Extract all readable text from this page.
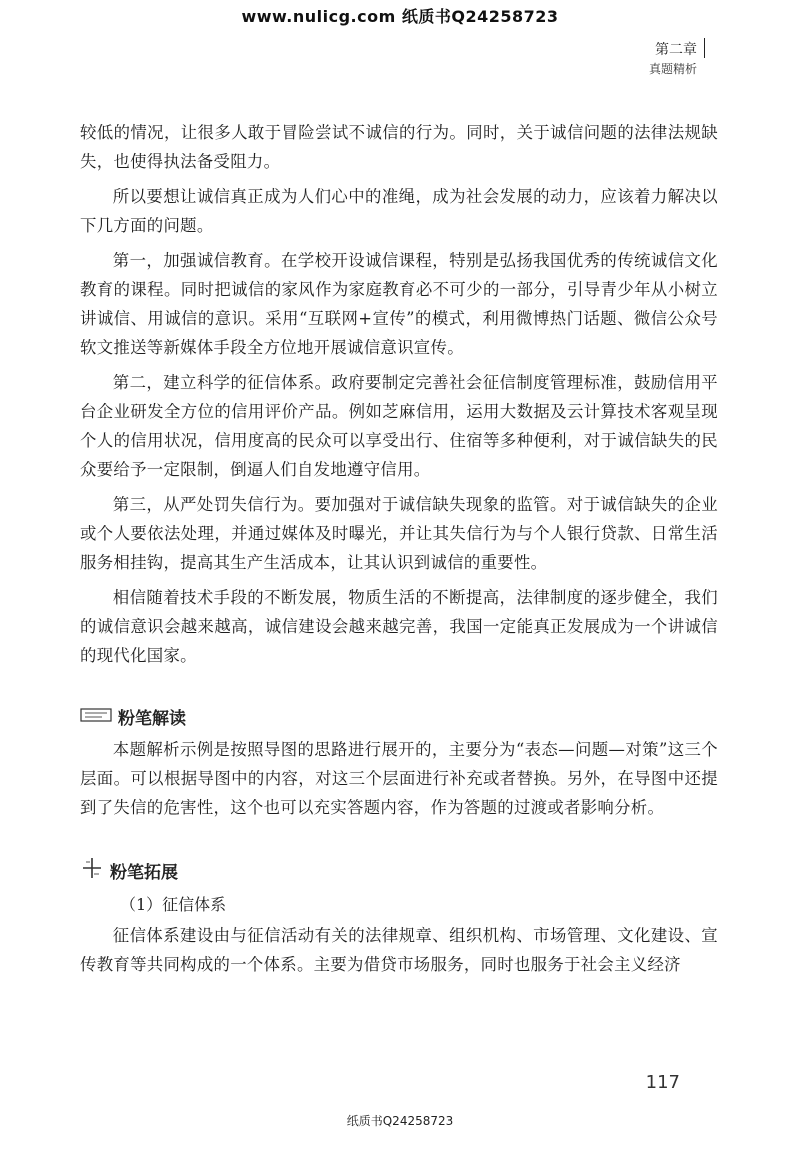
www.nulicg.com 纸质书Q24258723
第二章
真题精析

较低的情况，让很多人敢于冒险尝试不诚信的行为。同时，关于诚信问题的法律法规缺失，也使得执法备受阻力。

所以要想让诚信真正成为人们心中的准绳，成为社会发展的动力，应该着力解决以下几方面的问题。

第一，加强诚信教育。在学校开设诚信课程，特别是弘扬我国优秀的传统诚信文化教育的课程。同时把诚信的家风作为家庭教育必不可少的一部分，引导青少年从小树立讲诚信、用诚信的意识。采用“互联网+宣传”的模式，利用微博热门话题、微信公众号软文推送等新媒体手段全方位地开展诚信意识宣传。

第二，建立科学的征信体系。政府要制定完善社会征信制度管理标准，鼓励信用平台企业研发全方位的信用评价产品。例如芝麻信用，运用大数据及云计算技术客观呈现个人的信用状况，信用度高的民众可以享受出行、住宿等多种便利，对于诚信缺失的民众要给予一定限制，倒逼人们自发地遵守信用。

第三，从严处罚失信行为。要加强对于诚信缺失现象的监管。对于诚信缺失的企业或个人要依法处理，并通过媒体及时曝光，并让其失信行为与个人银行贷款、日常生活服务相挂钩，提高其生产生活成本，让其认识到诚信的重要性。

相信随着技术手段的不断发展，物质生活的不断提高，法律制度的逐步健全，我们的诚信意识会越来越高，诚信建设会越来越完善，我国一定能真正发展成为一个讲诚信的现代化国家。

粉笔解读

本题解析示例是按照导图的思路进行展开的，主要分为“表态—问题—对策”这三个层面。可以根据导图中的内容，对这三个层面进行补充或者替换。另外，在导图中还提到了失信的危害性，这个也可以充实答题内容，作为答题的过渡或者影响分析。

粉笔拓展
（1）征信体系

征信体系建设由与征信活动有关的法律规章、组织机构、市场管理、文化建设、宣传教育等共同构成的一个体系。主要为借贷市场服务，同时也服务于社会主义经济

117
纸质书Q24258723
